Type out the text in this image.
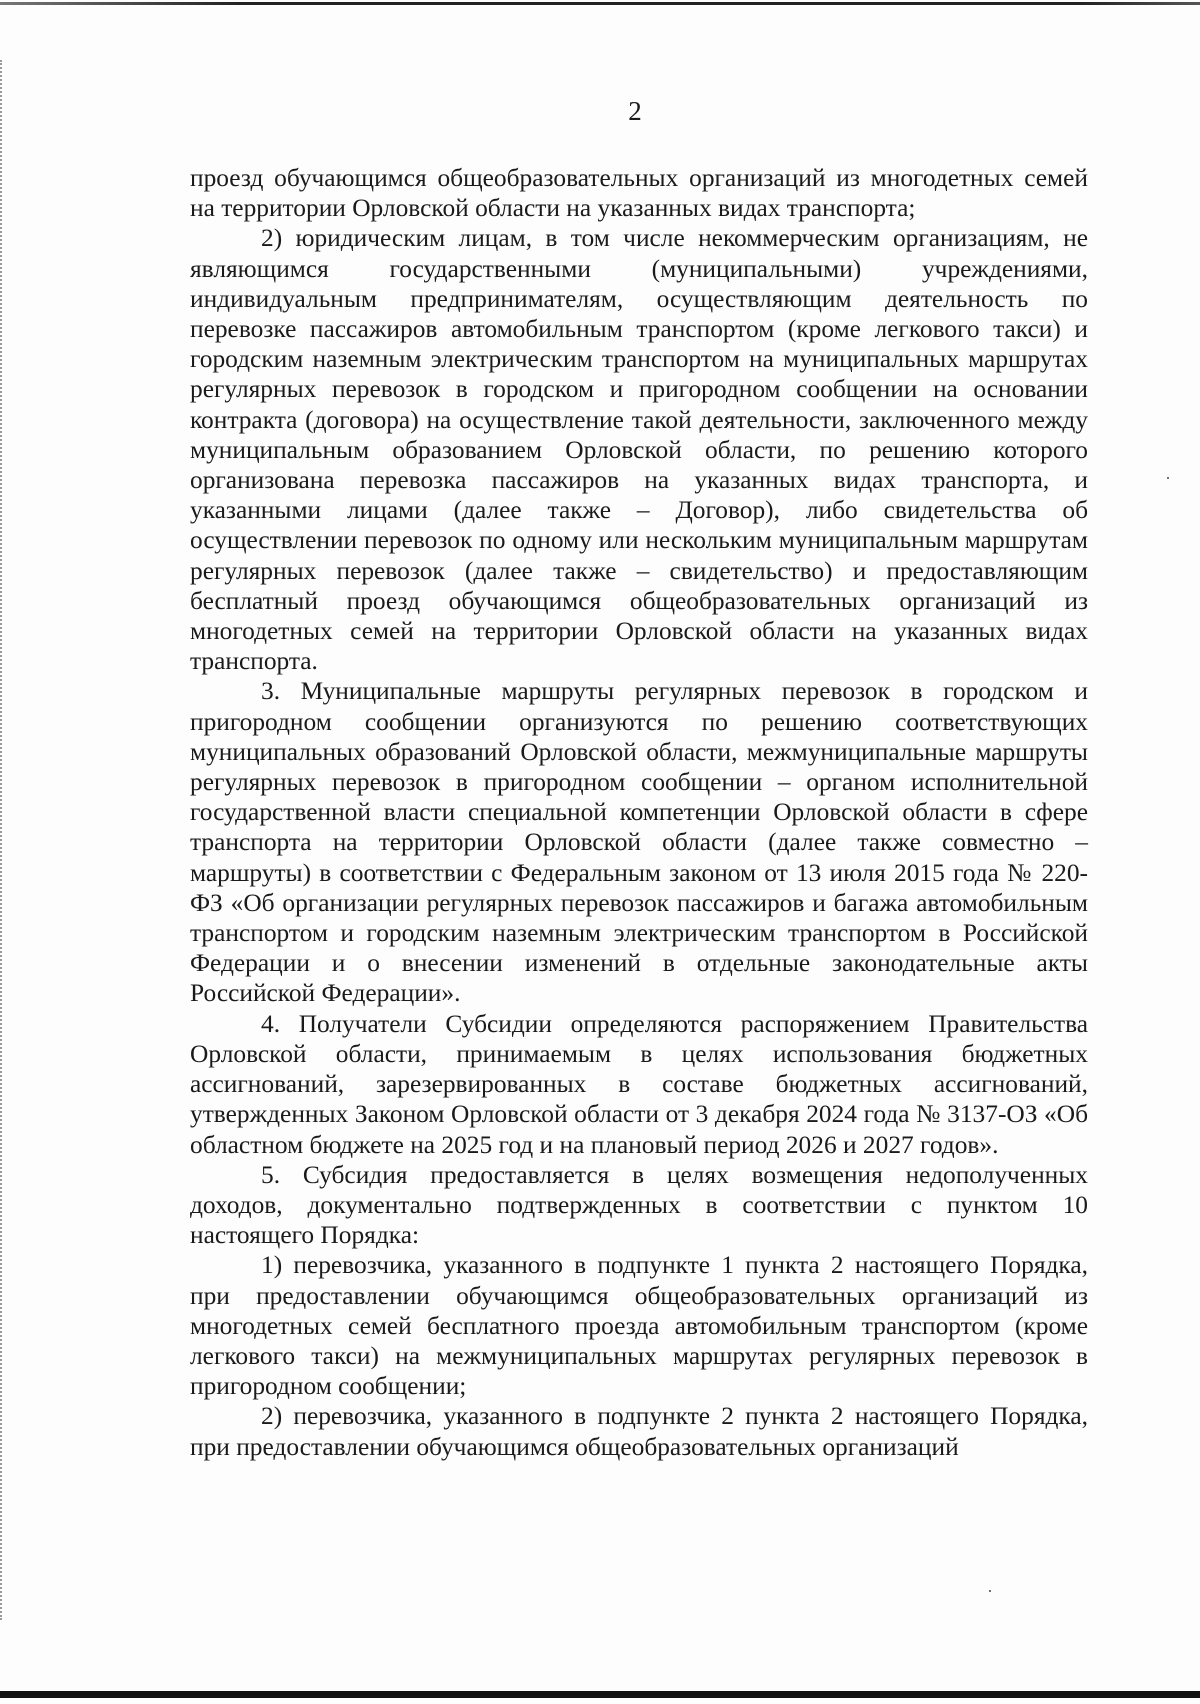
2

проезд обучающимся общеобразовательных организаций из многодетных семей на территории Орловской области на указанных видах транспорта;

2) юридическим лицам, в том числе некоммерческим организациям, не являющимся государственными (муниципальными) учреждениями, индивидуальным предпринимателям, осуществляющим деятельность по перевозке пассажиров автомобильным транспортом (кроме легкового такси) и городским наземным электрическим транспортом на муниципальных маршрутах регулярных перевозок в городском и пригородном сообщении на основании контракта (договора) на осуществление такой деятельности, заключенного между муниципальным образованием Орловской области, по решению которого организована перевозка пассажиров на указанных видах транспорта, и указанными лицами (далее также – Договор), либо свидетельства об осуществлении перевозок по одному или нескольким муниципальным маршрутам регулярных перевозок (далее также – свидетельство) и предоставляющим бесплатный проезд обучающимся общеобразовательных организаций из многодетных семей на территории Орловской области на указанных видах транспорта.

3. Муниципальные маршруты регулярных перевозок в городском и пригородном сообщении организуются по решению соответствующих муниципальных образований Орловской области, межмуниципальные маршруты регулярных перевозок в пригородном сообщении – органом исполнительной государственной власти специальной компетенции Орловской области в сфере транспорта на территории Орловской области (далее также совместно – маршруты) в соответствии с Федеральным законом от 13 июля 2015 года № 220-ФЗ «Об организации регулярных перевозок пассажиров и багажа автомобильным транспортом и городским наземным электрическим транспортом в Российской Федерации и о внесении изменений в отдельные законодательные акты Российской Федерации».

4. Получатели Субсидии определяются распоряжением Правительства Орловской области, принимаемым в целях использования бюджетных ассигнований, зарезервированных в составе бюджетных ассигнований, утвержденных Законом Орловской области от 3 декабря 2024 года № 3137-ОЗ «Об областном бюджете на 2025 год и на плановый период 2026 и 2027 годов».

5. Субсидия предоставляется в целях возмещения недополученных доходов, документально подтвержденных в соответствии с пунктом 10 настоящего Порядка:

1) перевозчика, указанного в подпункте 1 пункта 2 настоящего Порядка, при предоставлении обучающимся общеобразовательных организаций из многодетных семей бесплатного проезда автомобильным транспортом (кроме легкового такси) на межмуниципальных маршрутах регулярных перевозок в пригородном сообщении;

2) перевозчика, указанного в подпункте 2 пункта 2 настоящего Порядка, при предоставлении обучающимся общеобразовательных организаций
